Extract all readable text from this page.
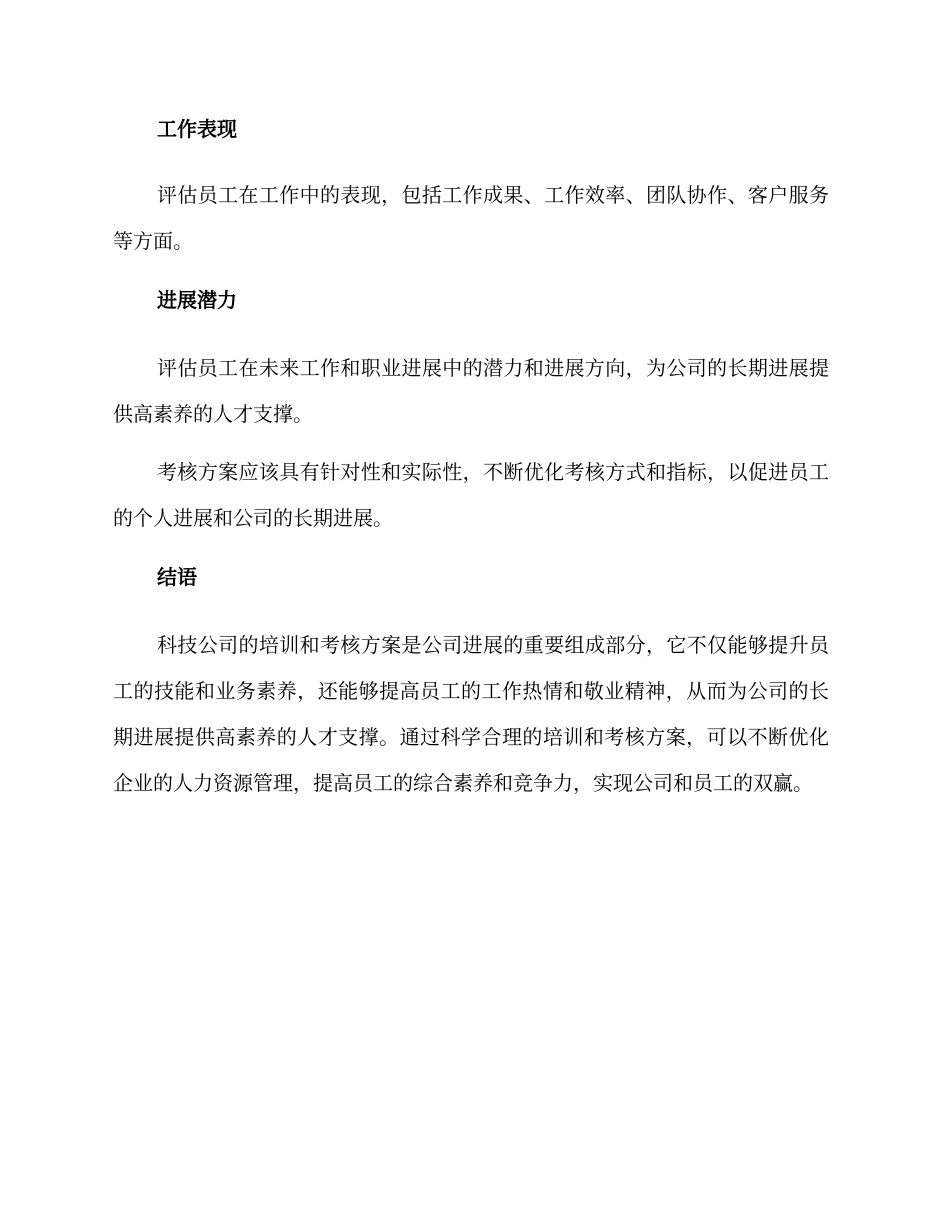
工作表现

评估员工在工作中的表现，包括工作成果、工作效率、团队协作、客户服务等方面。

进展潜力

评估员工在未来工作和职业进展中的潜力和进展方向，为公司的长期进展提供高素养的人才支撑。

考核方案应该具有针对性和实际性，不断优化考核方式和指标，以促进员工的个人进展和公司的长期进展。

结语

科技公司的培训和考核方案是公司进展的重要组成部分，它不仅能够提升员工的技能和业务素养，还能够提高员工的工作热情和敬业精神，从而为公司的长期进展提供高素养的人才支撑。通过科学合理的培训和考核方案，可以不断优化企业的人力资源管理，提高员工的综合素养和竞争力，实现公司和员工的双赢。
